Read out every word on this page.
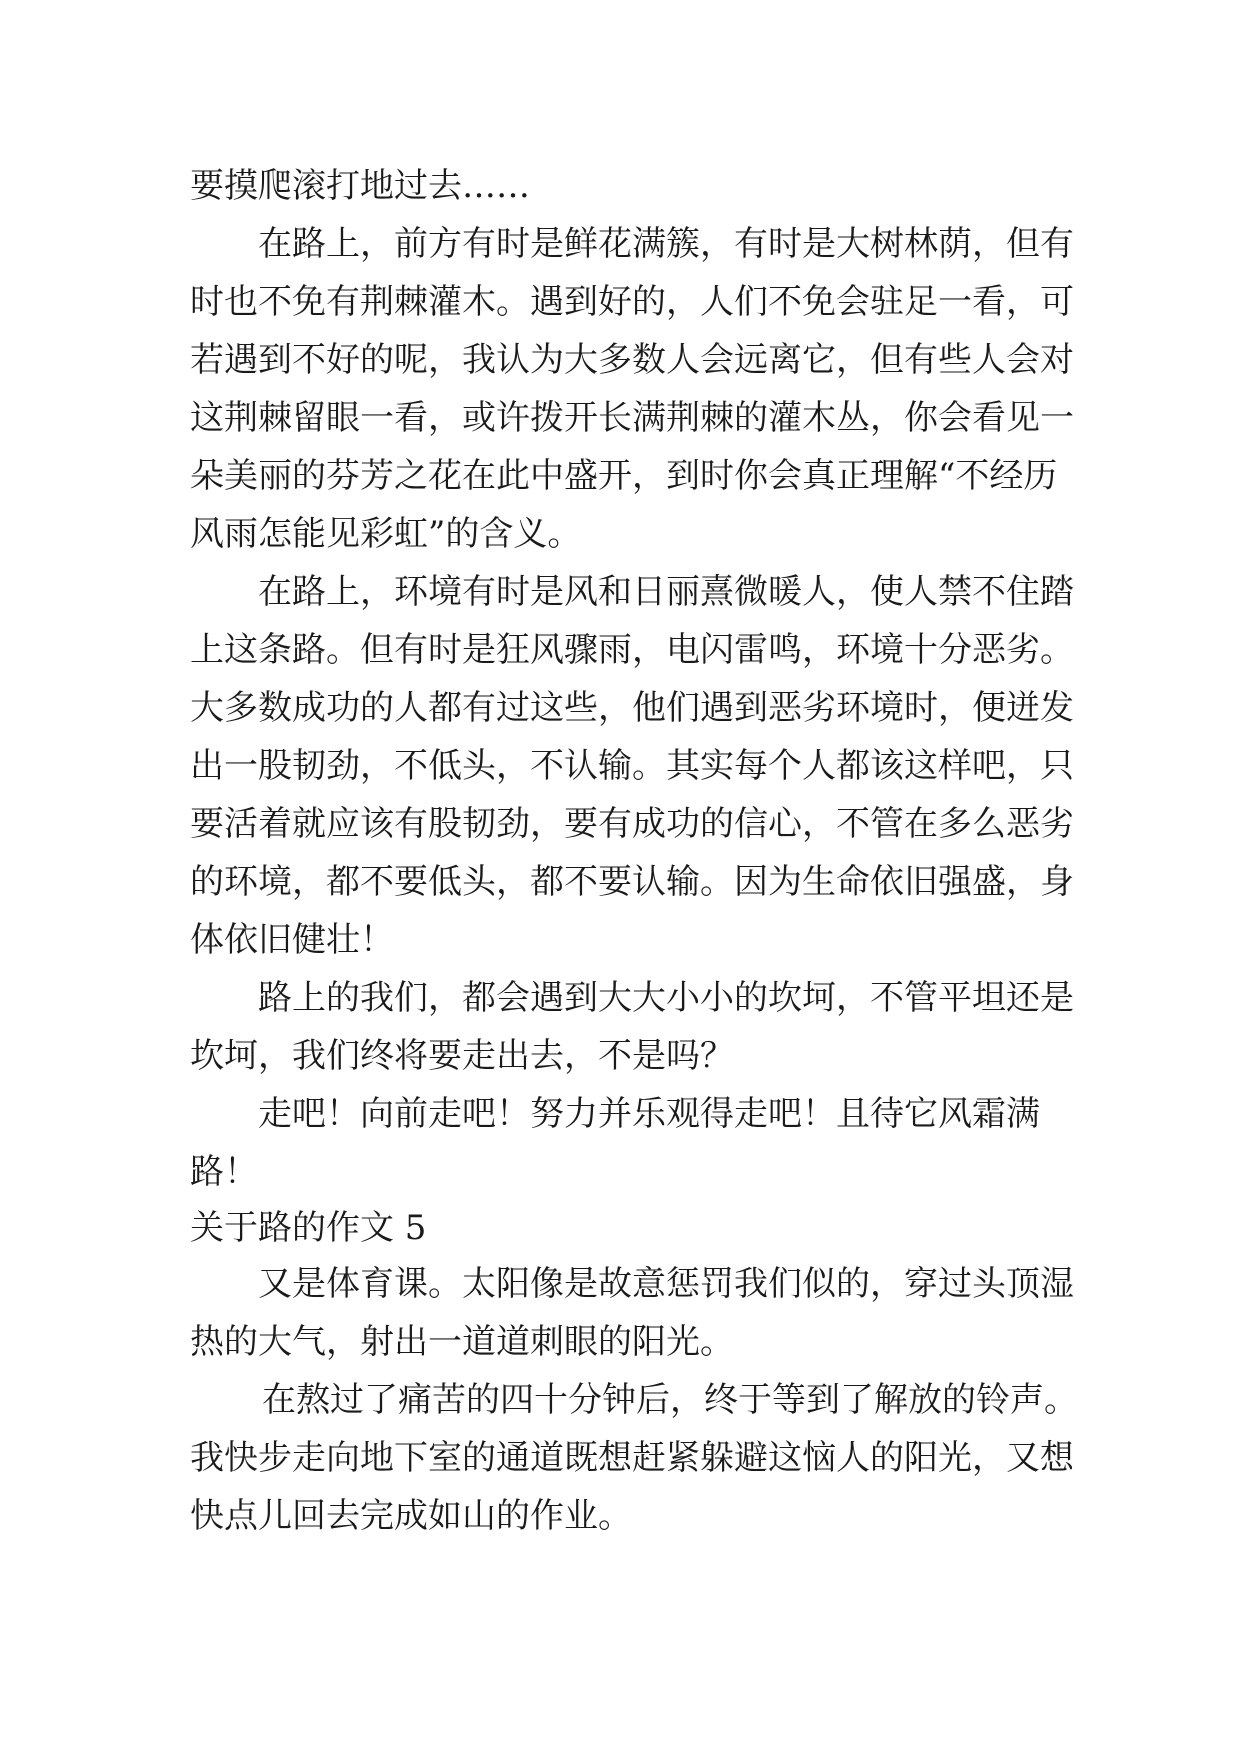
要摸爬滚打地过去……

在路上，前方有时是鲜花满簇，有时是大树林荫，但有

时也不免有荆棘灌木。遇到好的，人们不免会驻足一看，可

若遇到不好的呢，我认为大多数人会远离它，但有些人会对

这荆棘留眼一看，或许拨开长满荆棘的灌木丛，你会看见一

朵美丽的芬芳之花在此中盛开，到时你会真正理解“不经历

风雨怎能见彩虹”的含义。

在路上，环境有时是风和日丽熹微暖人，使人禁不住踏

上这条路。但有时是狂风骤雨，电闪雷鸣，环境十分恶劣。

大多数成功的人都有过这些，他们遇到恶劣环境时，便迸发

出一股韧劲，不低头，不认输。其实每个人都该这样吧，只

要活着就应该有股韧劲，要有成功的信心，不管在多么恶劣

的环境，都不要低头，都不要认输。因为生命依旧强盛，身

体依旧健壮！

路上的我们，都会遇到大大小小的坎坷，不管平坦还是

坎坷，我们终将要走出去，不是吗？

走吧！向前走吧！努力并乐观得走吧！且待它风霜满

路！

关于路的作文 5

又是体育课。太阳像是故意惩罚我们似的，穿过头顶湿

热的大气，射出一道道刺眼的阳光。

在熬过了痛苦的四十分钟后，终于等到了解放的铃声。

我快步走向地下室的通道既想赶紧躲避这恼人的阳光，又想

快点儿回去完成如山的作业。
